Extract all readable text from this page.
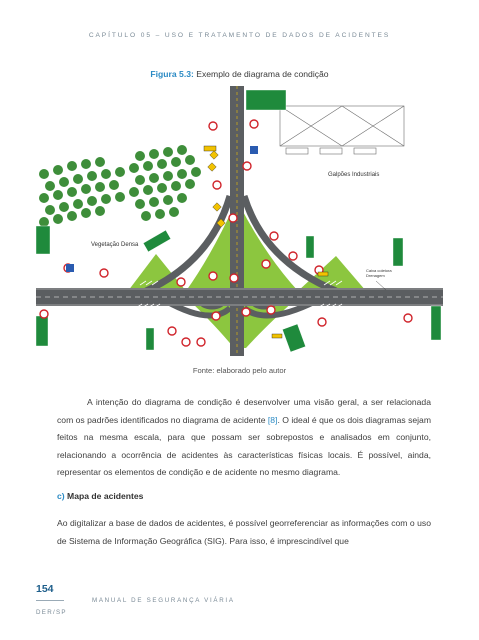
CAPÍTULO 05 – USO E TRATAMENTO DE DADOS DE ACIDENTES
Figura 5.3: Exemplo de diagrama de condição
Galpões Industriais
Vegetação Densa
Caixa coletora Drenagem
Fonte: elaborado pelo autor

A intenção do diagrama de condição é desenvolver uma visão geral, a ser relacionada com os padrões identificados no diagrama de acidente [8]. O ideal é que os dois diagramas sejam feitos na mesma escala, para que possam ser sobrepostos e analisados em conjunto, relacionando a ocorrência de acidentes às características físicas locais. É possível, ainda, representar os elementos de condição e de acidente no mesmo diagrama.

c) Mapa de acidentes

Ao digitalizar a base de dados de acidentes, é possível georreferenciar as informações com o uso de Sistema de Informação Geográfica (SIG). Para isso, é imprescindível que

154
MANUAL DE SEGURANÇA VIÁRIA
DER/SP
